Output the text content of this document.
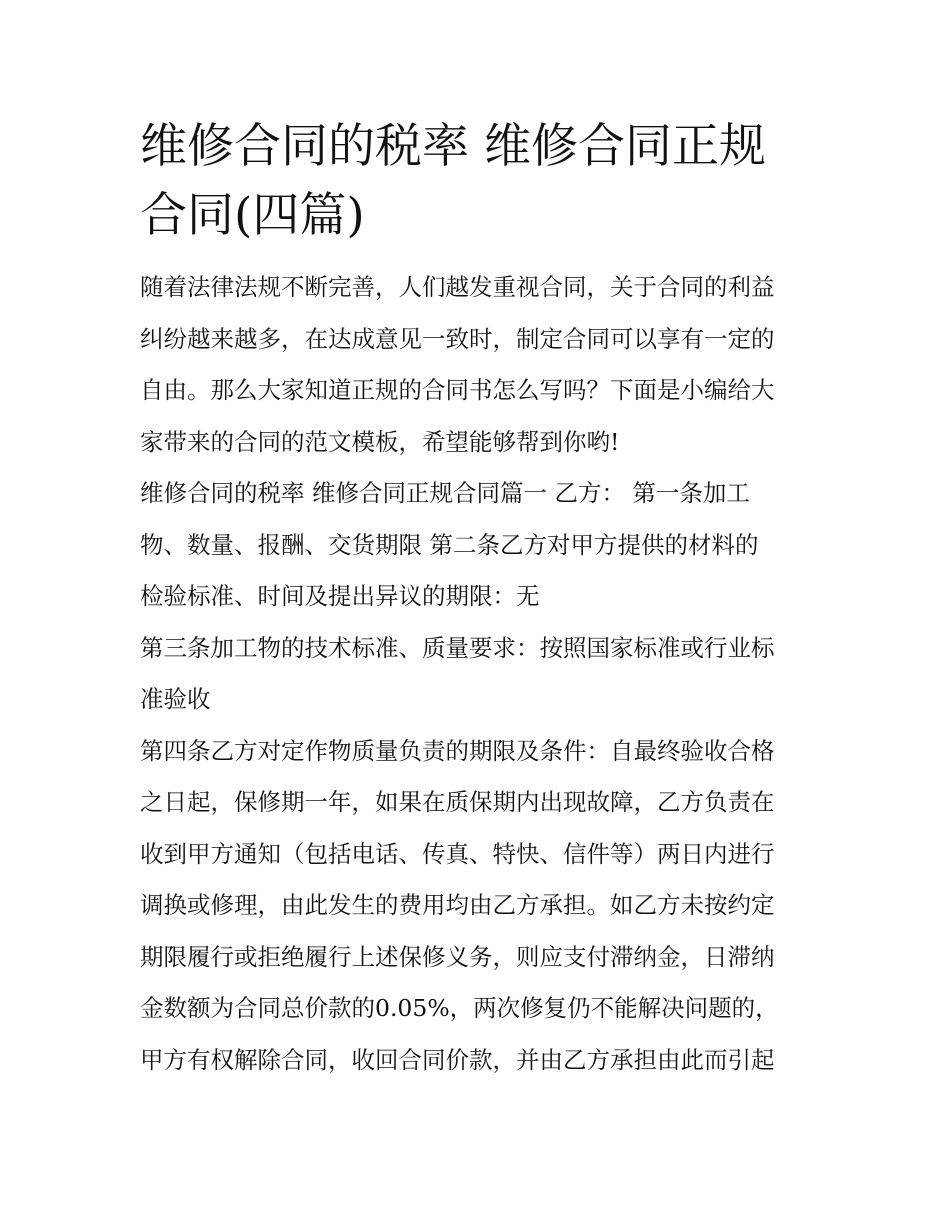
维修合同的税率 维修合同正规
合同(四篇)

随着法律法规不断完善，人们越发重视合同，关于合同的利益
纠纷越来越多，在达成意见一致时，制定合同可以享有一定的
自由。那么大家知道正规的合同书怎么写吗？下面是小编给大
家带来的合同的范文模板，希望能够帮到你哟!

维修合同的税率 维修合同正规合同篇一 乙方： 第一条加工
物、数量、报酬、交货期限 第二条乙方对甲方提供的材料的
检验标准、时间及提出异议的期限：无

第三条加工物的技术标准、质量要求：按照国家标准或行业标
准验收

第四条乙方对定作物质量负责的期限及条件：自最终验收合格
之日起，保修期一年，如果在质保期内出现故障，乙方负责在
收到甲方通知（包括电话、传真、特快、信件等）两日内进行
调换或修理，由此发生的费用均由乙方承担。如乙方未按约定
期限履行或拒绝履行上述保修义务，则应支付滞纳金，日滞纳
金数额为合同总价款的0.05%，两次修复仍不能解决问题的，
甲方有权解除合同，收回合同价款，并由乙方承担由此而引起
